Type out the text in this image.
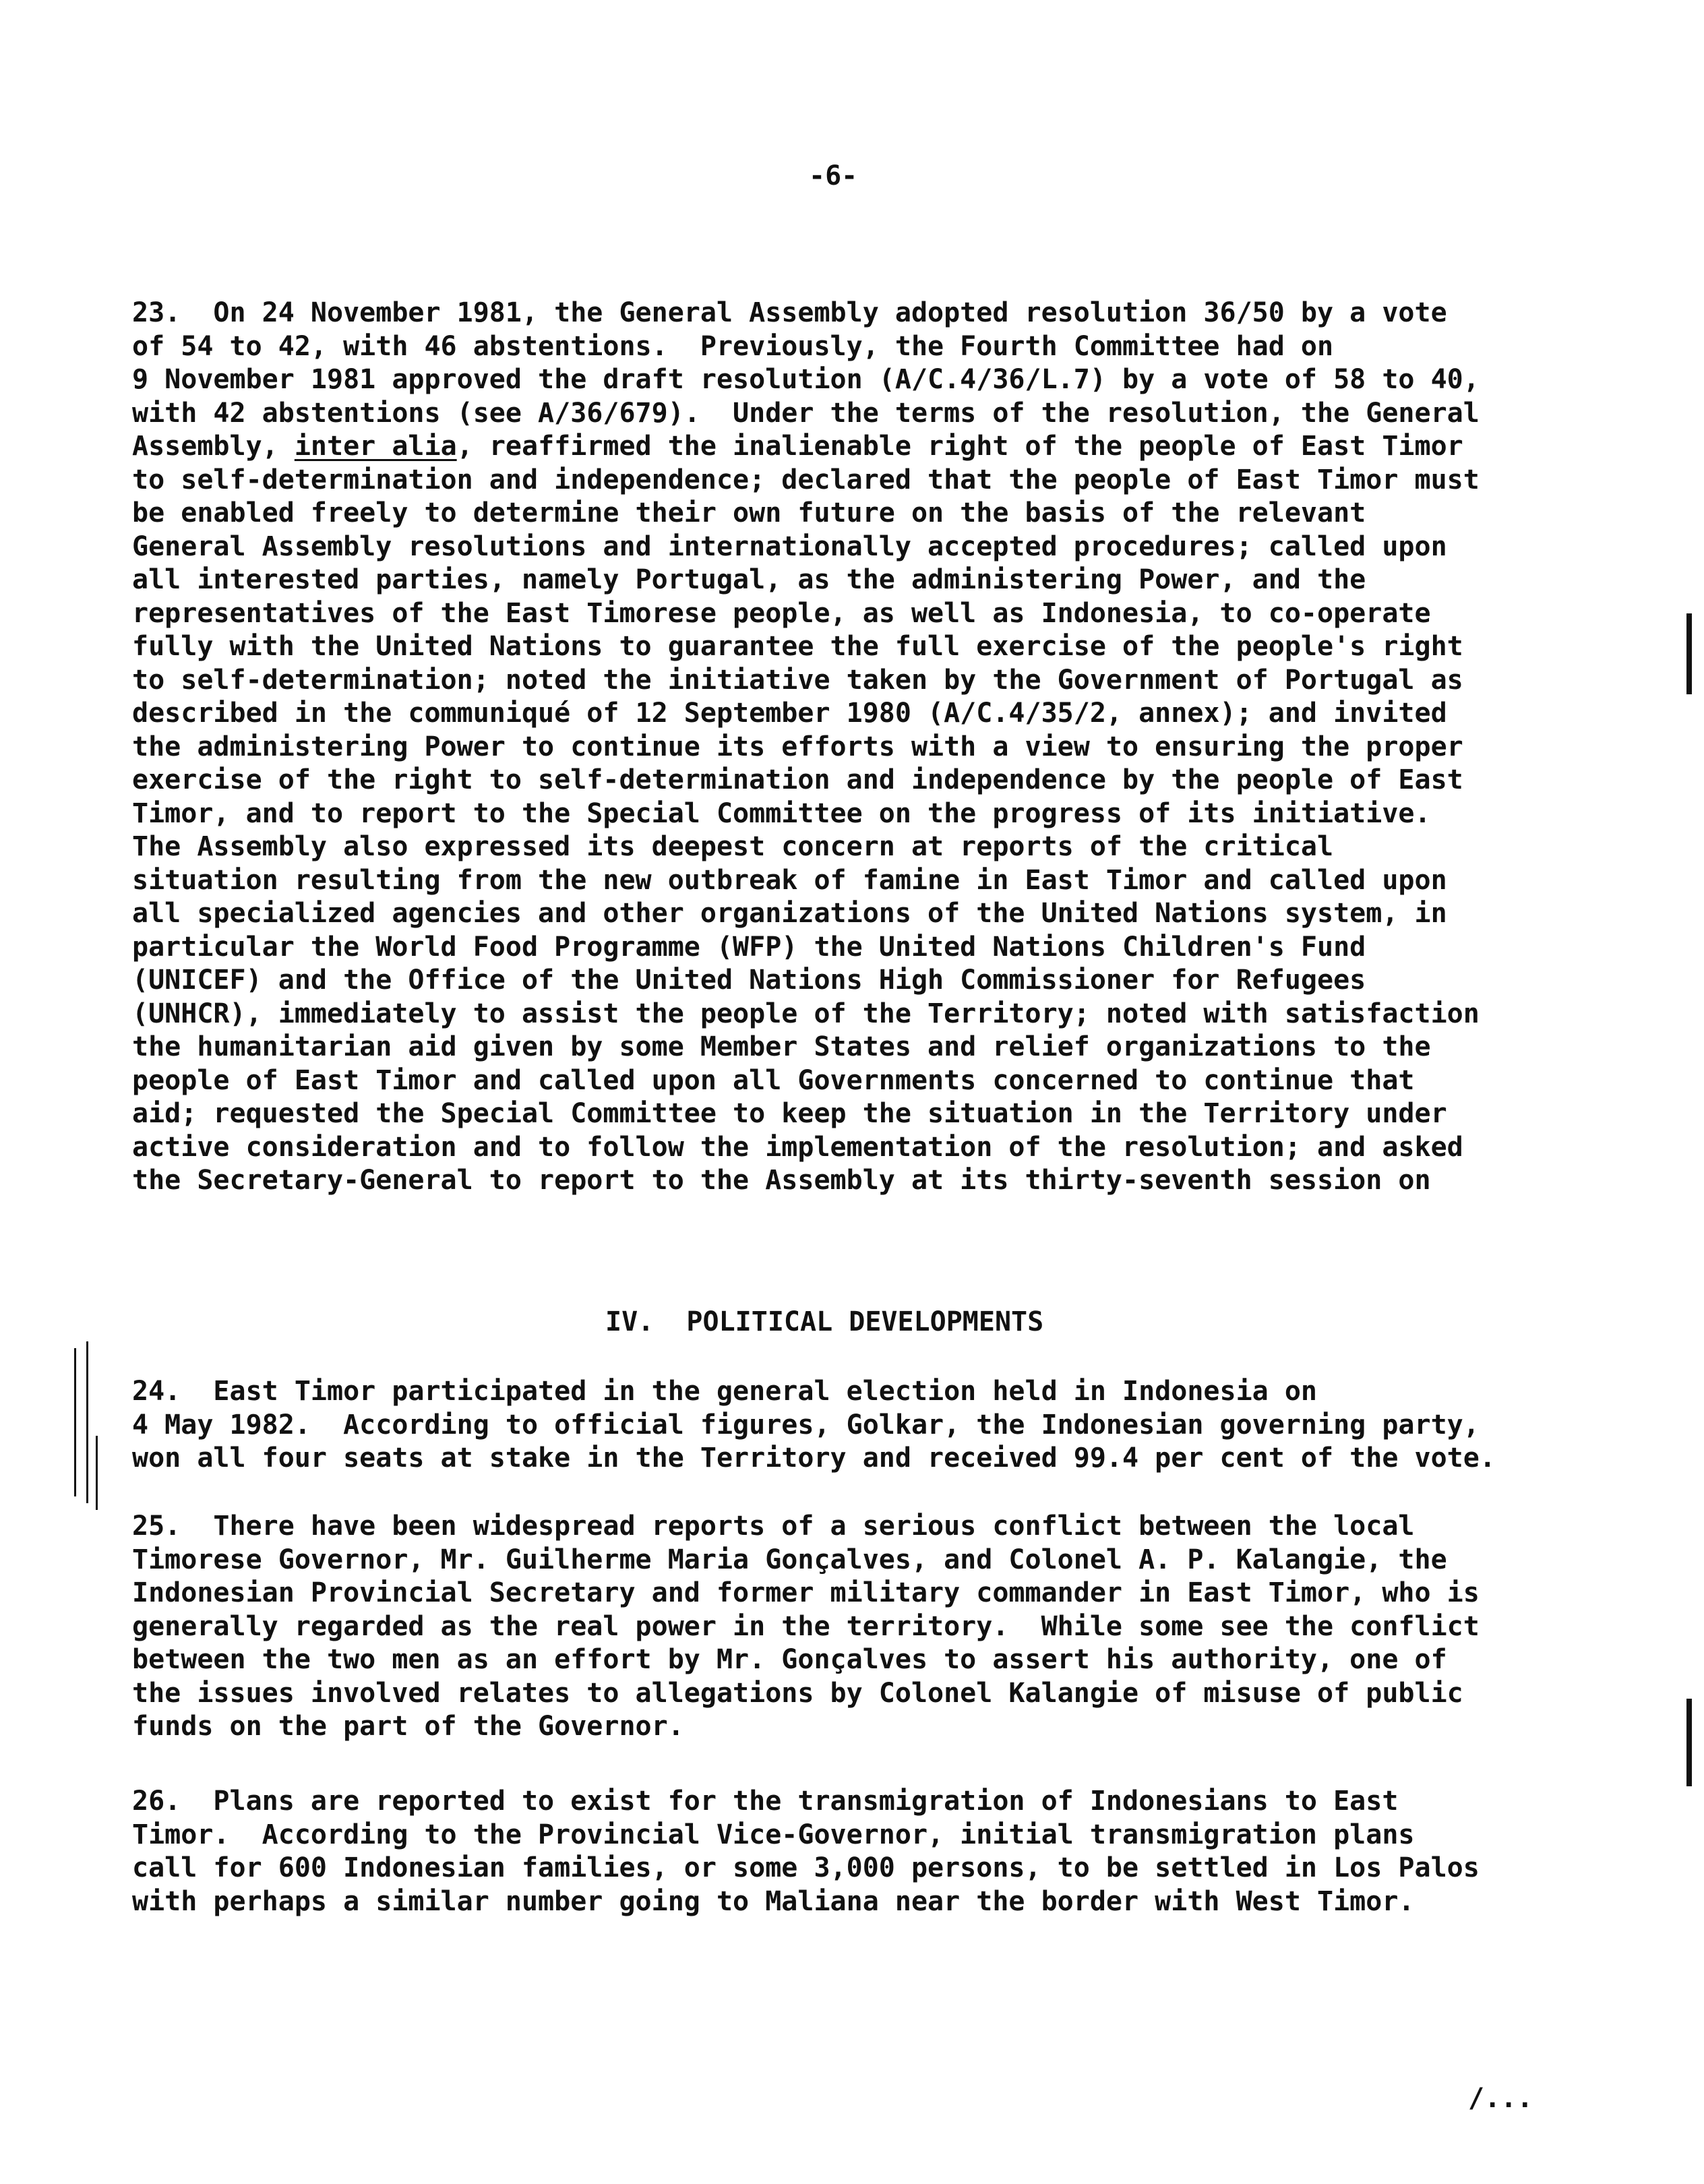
-6-
23.  On 24 November 1981, the General Assembly adopted resolution 36/50 by a vote
of 54 to 42, with 46 abstentions.  Previously, the Fourth Committee had on
9 November 1981 approved the draft resolution (A/C.4/36/L.7) by a vote of 58 to 40,
with 42 abstentions (see A/36/679).  Under the terms of the resolution, the General
Assembly, inter alia, reaffirmed the inalienable right of the people of East Timor
to self-determination and independence; declared that the people of East Timor must
be enabled freely to determine their own future on the basis of the relevant
General Assembly resolutions and internationally accepted procedures; called upon
all interested parties, namely Portugal, as the administering Power, and the
representatives of the East Timorese people, as well as Indonesia, to co-operate
fully with the United Nations to guarantee the full exercise of the people's right
to self-determination; noted the initiative taken by the Government of Portugal as
described in the communiqué of 12 September 1980 (A/C.4/35/2, annex); and invited
the administering Power to continue its efforts with a view to ensuring the proper
exercise of the right to self-determination and independence by the people of East
Timor, and to report to the Special Committee on the progress of its initiative.
The Assembly also expressed its deepest concern at reports of the critical
situation resulting from the new outbreak of famine in East Timor and called upon
all specialized agencies and other organizations of the United Nations system, in
particular the World Food Programme (WFP) the United Nations Children's Fund
(UNICEF) and the Office of the United Nations High Commissioner for Refugees
(UNHCR), immediately to assist the people of the Territory; noted with satisfaction
the humanitarian aid given by some Member States and relief organizations to the
people of East Timor and called upon all Governments concerned to continue that
aid; requested the Special Committee to keep the situation in the Territory under
active consideration and to follow the implementation of the resolution; and asked
the Secretary-General to report to the Assembly at its thirty-seventh session on
IV.  POLITICAL DEVELOPMENTS
24.  East Timor participated in the general election held in Indonesia on
4 May 1982.  According to official figures, Golkar, the Indonesian governing party,
won all four seats at stake in the Territory and received 99.4 per cent of the vote.
25.  There have been widespread reports of a serious conflict between the local
Timorese Governor, Mr. Guilherme Maria Gonçalves, and Colonel A. P. Kalangie, the
Indonesian Provincial Secretary and former military commander in East Timor, who is
generally regarded as the real power in the territory.  While some see the conflict
between the two men as an effort by Mr. Gonçalves to assert his authority, one of
the issues involved relates to allegations by Colonel Kalangie of misuse of public
funds on the part of the Governor.
26.  Plans are reported to exist for the transmigration of Indonesians to East
Timor.  According to the Provincial Vice-Governor, initial transmigration plans
call for 600 Indonesian families, or some 3,000 persons, to be settled in Los Palos
with perhaps a similar number going to Maliana near the border with West Timor.
/...
